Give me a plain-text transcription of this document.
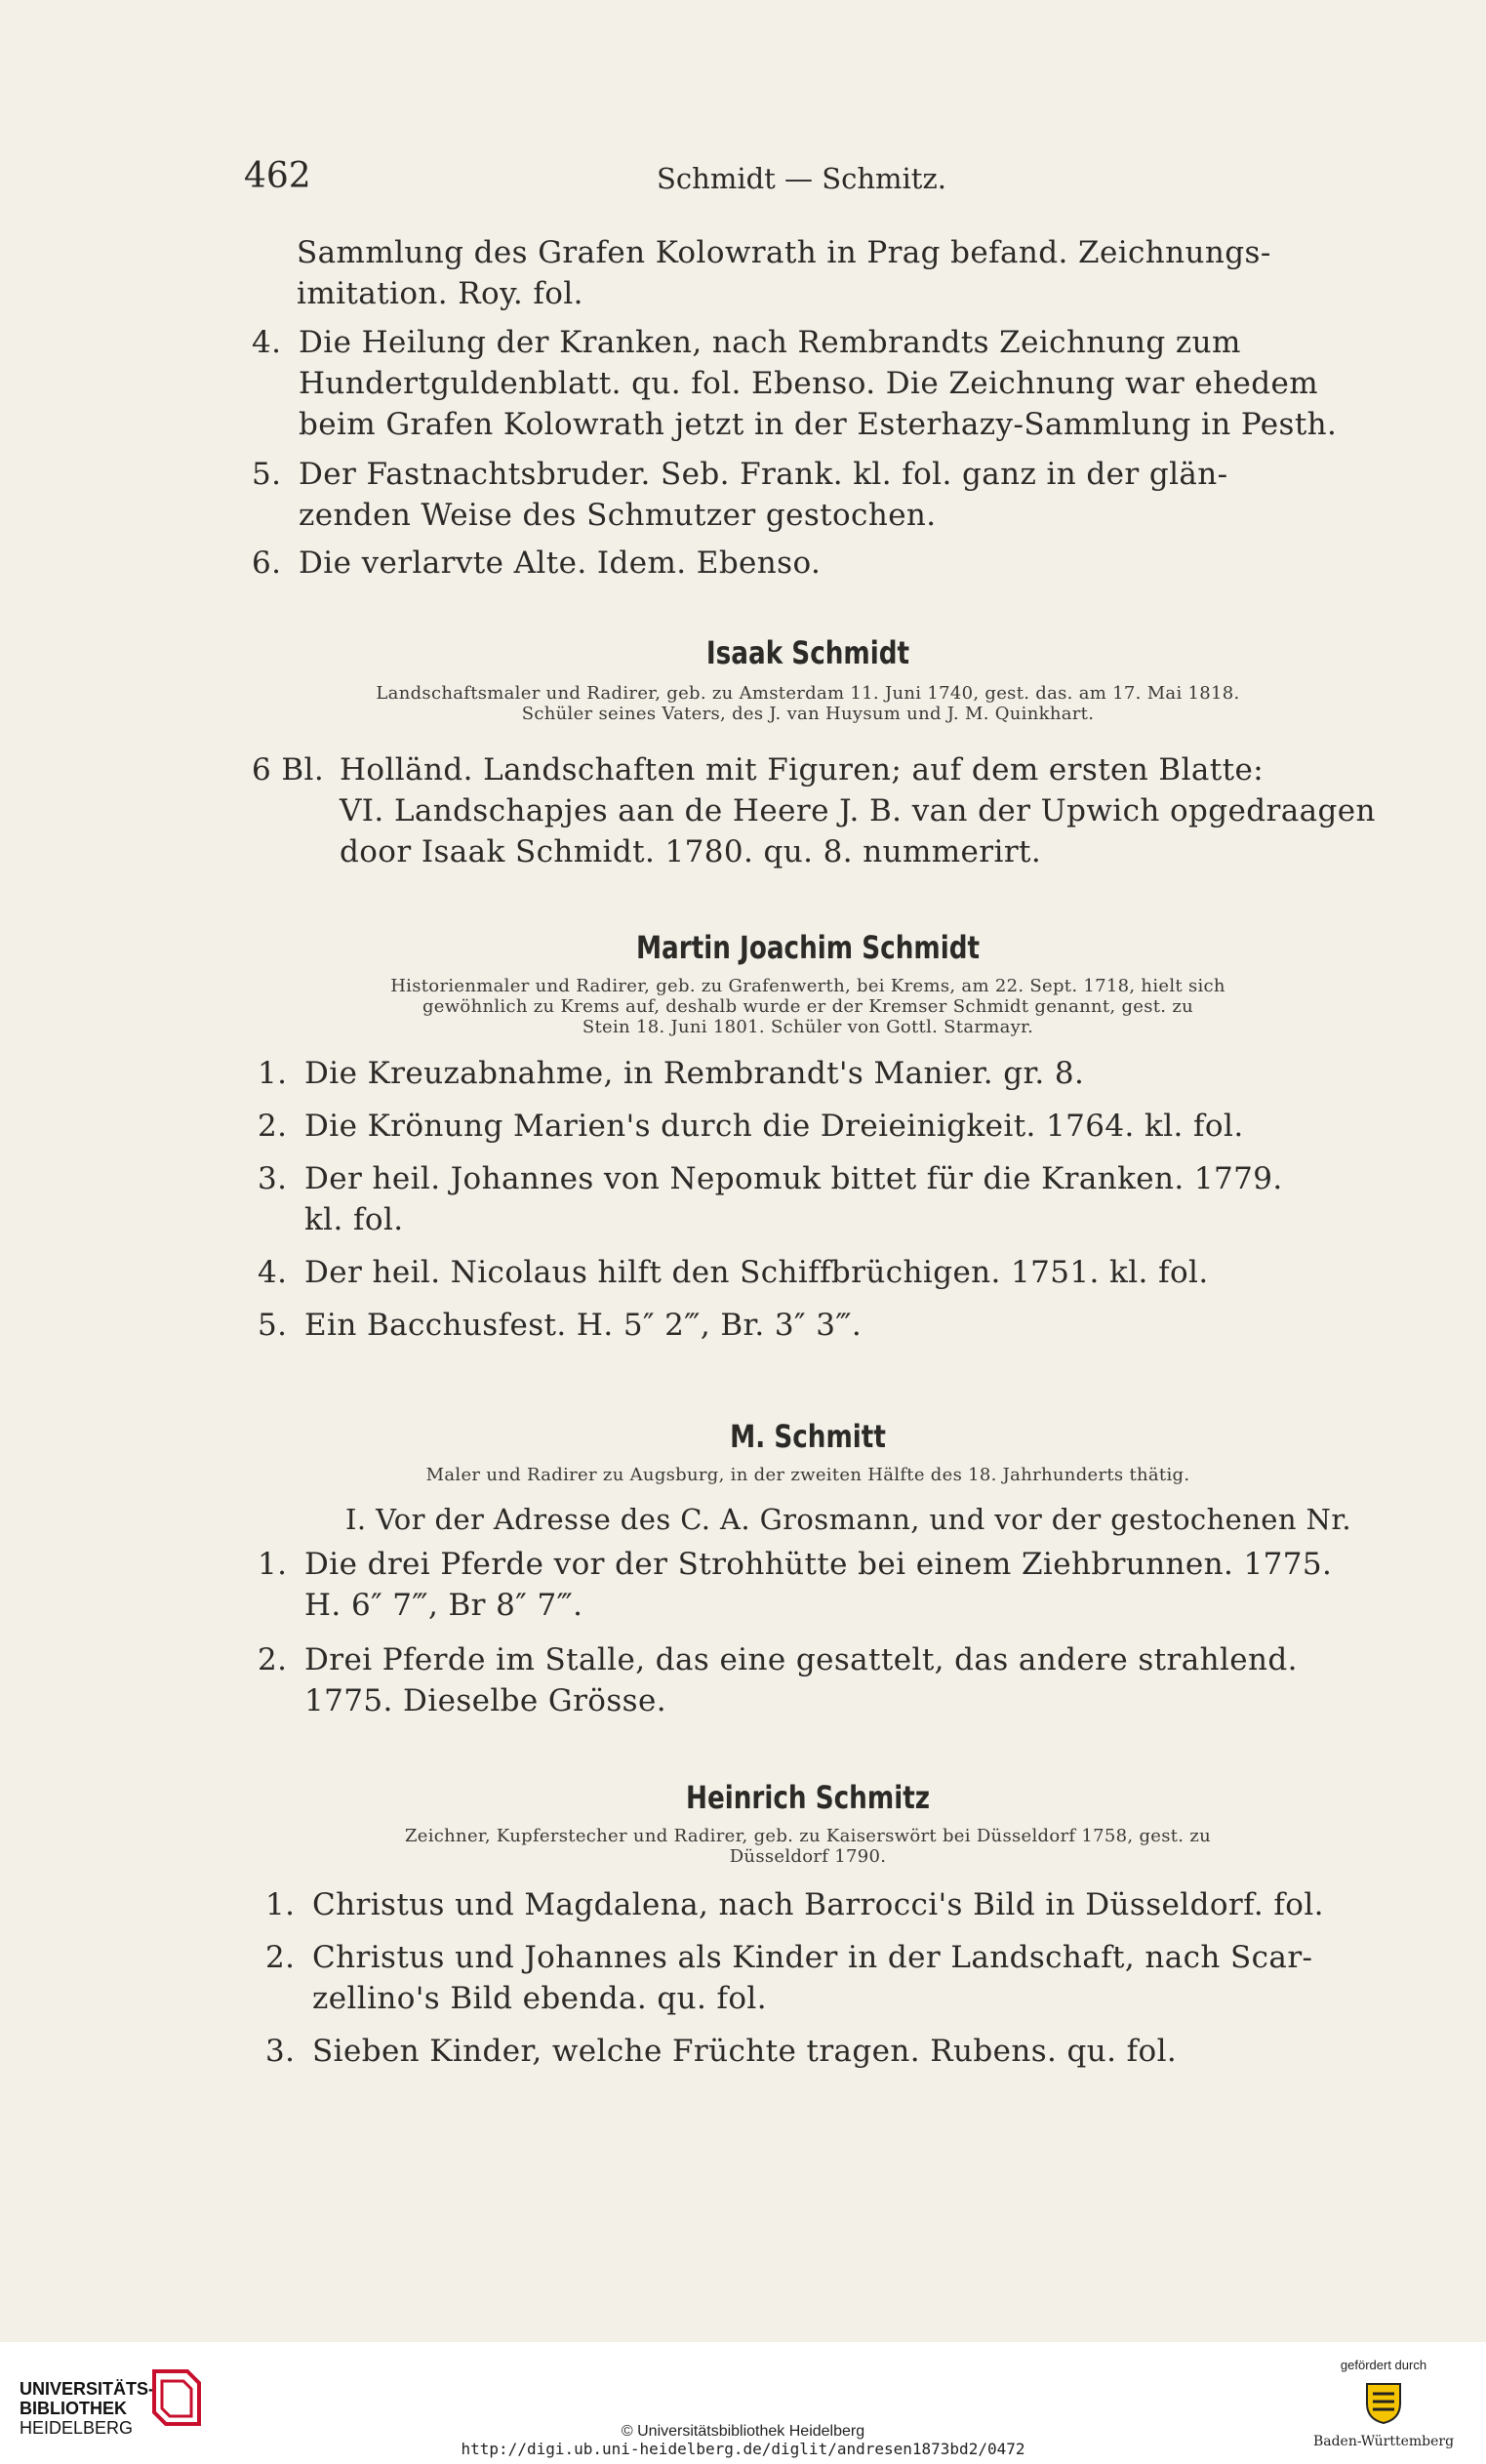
462	Schmidt — Schmitz.
Sammlung des Grafen Kolowrath in Prag befand. Zeichnungs-
imitation. Roy. fol.
4. Die Heilung der Kranken, nach Rembrandts Zeichnung zum
Hundertguldenblatt. qu. fol. Ebenso. Die Zeichnung war ehedem
beim Grafen Kolowrath jetzt in der Esterhazy-Sammlung in Pesth.
5. Der Fastnachtsbruder. Seb. Frank. kl. fol. ganz in der glän-
zenden Weise des Schmutzer gestochen.
6. Die verlarvte Alte. Idem. Ebenso.
Isaak Schmidt
Landschaftsmaler und Radirer, geb. zu Amsterdam 11. Juni 1740, gest. das. am 17. Mai 1818.
Schüler seines Vaters, des J. van Huysum und J. M. Quinkhart.
6 Bl. Holländ. Landschaften mit Figuren; auf dem ersten Blatte:
VI. Landschapjes aan de Heere J. B. van der Upwich opgedraagen
door Isaak Schmidt. 1780. qu. 8. nummerirt.
Martin Joachim Schmidt
Historienmaler und Radirer, geb. zu Grafenwerth, bei Krems, am 22. Sept. 1718, hielt sich
gewöhnlich zu Krems auf, deshalb wurde er der Kremser Schmidt genannt, gest. zu
Stein 18. Juni 1801. Schüler von Gottl. Starmayr.
1. Die Kreuzabnahme, in Rembrandt's Manier. gr. 8.
2. Die Krönung Marien's durch die Dreieinigkeit. 1764. kl. fol.
3. Der heil. Johannes von Nepomuk bittet für die Kranken. 1779.
kl. fol.
4. Der heil. Nicolaus hilft den Schiffbrüchigen. 1751. kl. fol.
5. Ein Bacchusfest. H. 5″ 2‴, Br. 3″ 3‴.
M. Schmitt
Maler und Radirer zu Augsburg, in der zweiten Hälfte des 18. Jahrhunderts thätig.
I. Vor der Adresse des C. A. Grosmann, und vor der gestochenen Nr.
1. Die drei Pferde vor der Strohhütte bei einem Ziehbrunnen. 1775.
H. 6″ 7‴, Br 8″ 7‴.
2. Drei Pferde im Stalle, das eine gesattelt, das andere strahlend.
1775. Dieselbe Grösse.
Heinrich Schmitz
Zeichner, Kupferstecher und Radirer, geb. zu Kaiserswört bei Düsseldorf 1758, gest. zu
Düsseldorf 1790.
1. Christus und Magdalena, nach Barrocci's Bild in Düsseldorf. fol.
2. Christus und Johannes als Kinder in der Landschaft, nach Scar-
zellino's Bild ebenda. qu. fol.
3. Sieben Kinder, welche Früchte tragen. Rubens. qu. fol.
UNIVERSITÄTS-
BIBLIOTHEK
HEIDELBERG	© Universitätsbibliothek Heidelberg
http://digi.ub.uni-heidelberg.de/diglit/andresen1873bd2/0472
gefördert durch
Baden-Württemberg
